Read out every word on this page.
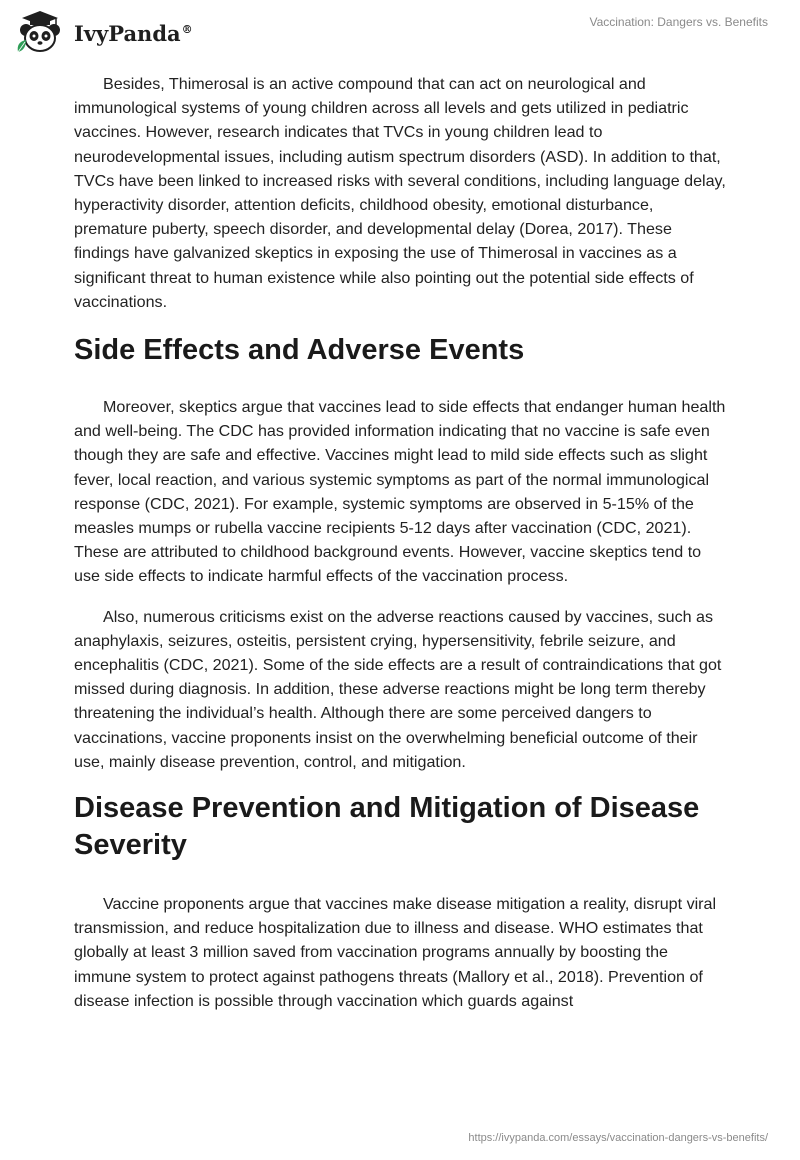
IvyPanda®	Vaccination: Dangers vs. Benefits

Besides, Thimerosal is an active compound that can act on neurological and immunological systems of young children across all levels and gets utilized in pediatric vaccines. However, research indicates that TVCs in young children lead to neurodevelopmental issues, including autism spectrum disorders (ASD). In addition to that, TVCs have been linked to increased risks with several conditions, including language delay, hyperactivity disorder, attention deficits, childhood obesity, emotional disturbance, premature puberty, speech disorder, and developmental delay (Dorea, 2017). These findings have galvanized skeptics in exposing the use of Thimerosal in vaccines as a significant threat to human existence while also pointing out the potential side effects of vaccinations.

Side Effects and Adverse Events

Moreover, skeptics argue that vaccines lead to side effects that endanger human health and well-being. The CDC has provided information indicating that no vaccine is safe even though they are safe and effective. Vaccines might lead to mild side effects such as slight fever, local reaction, and various systemic symptoms as part of the normal immunological response (CDC, 2021). For example, systemic symptoms are observed in 5-15% of the measles mumps or rubella vaccine recipients 5-12 days after vaccination (CDC, 2021). These are attributed to childhood background events. However, vaccine skeptics tend to use side effects to indicate harmful effects of the vaccination process.

Also, numerous criticisms exist on the adverse reactions caused by vaccines, such as anaphylaxis, seizures, osteitis, persistent crying, hypersensitivity, febrile seizure, and encephalitis (CDC, 2021). Some of the side effects are a result of contraindications that got missed during diagnosis. In addition, these adverse reactions might be long term thereby threatening the individual’s health. Although there are some perceived dangers to vaccinations, vaccine proponents insist on the overwhelming beneficial outcome of their use, mainly disease prevention, control, and mitigation.

Disease Prevention and Mitigation of Disease Severity

Vaccine proponents argue that vaccines make disease mitigation a reality, disrupt viral transmission, and reduce hospitalization due to illness and disease. WHO estimates that globally at least 3 million saved from vaccination programs annually by boosting the immune system to protect against pathogens threats (Mallory et al., 2018). Prevention of disease infection is possible through vaccination which guards against

https://ivypanda.com/essays/vaccination-dangers-vs-benefits/
